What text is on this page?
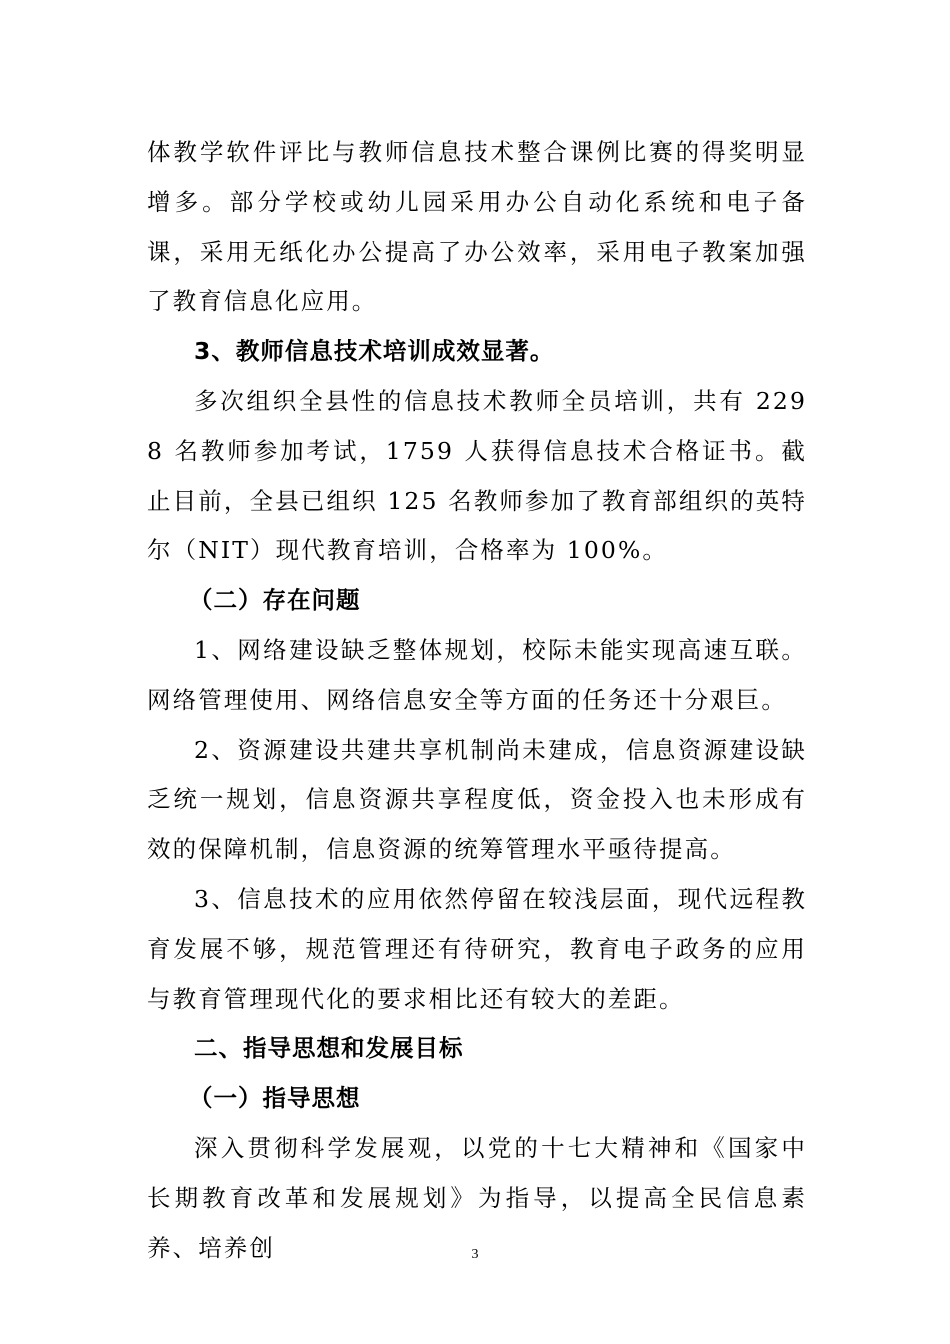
体教学软件评比与教师信息技术整合课例比赛的得奖明显增多。部分学校或幼儿园采用办公自动化系统和电子备课，采用无纸化办公提高了办公效率，采用电子教案加强了教育信息化应用。

3、教师信息技术培训成效显著。

多次组织全县性的信息技术教师全员培训，共有 2298 名教师参加考试，1759 人获得信息技术合格证书。截止目前，全县已组织 125 名教师参加了教育部组织的英特尔（NIT）现代教育培训，合格率为 100%。

（二）存在问题

1、网络建设缺乏整体规划，校际未能实现高速互联。网络管理使用、网络信息安全等方面的任务还十分艰巨。

2、资源建设共建共享机制尚未建成，信息资源建设缺乏统一规划，信息资源共享程度低，资金投入也未形成有效的保障机制，信息资源的统筹管理水平亟待提高。

3、信息技术的应用依然停留在较浅层面，现代远程教育发展不够，规范管理还有待研究，教育电子政务的应用与教育管理现代化的要求相比还有较大的差距。

二、指导思想和发展目标

（一）指导思想

深入贯彻科学发展观，以党的十七大精神和《国家中长期教育改革和发展规划》为指导，以提高全民信息素养、培养创	3
